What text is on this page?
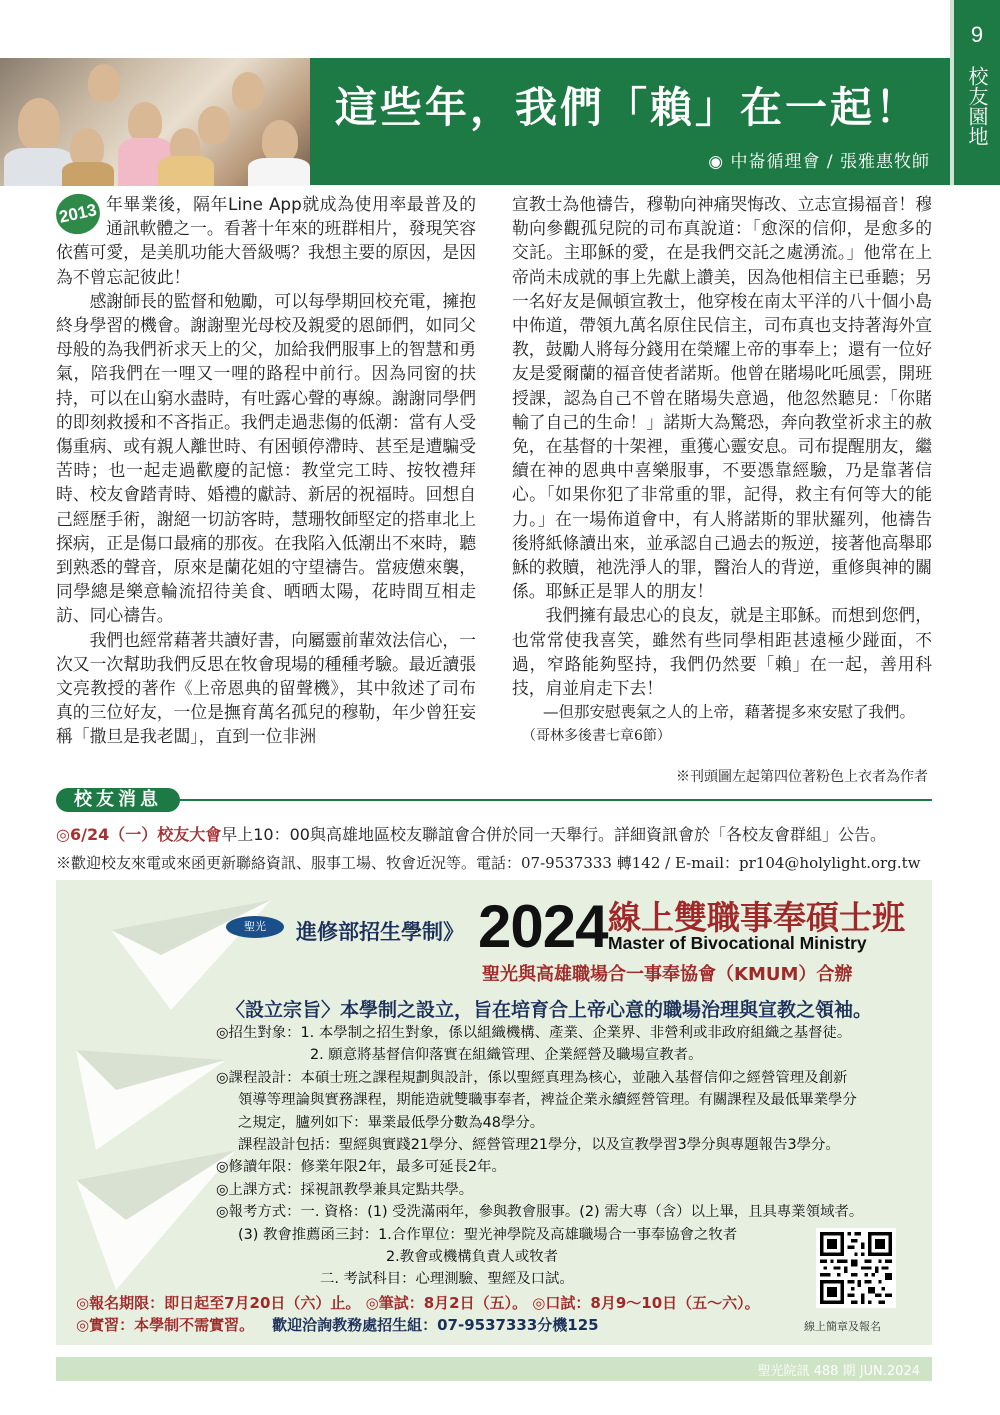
9
校友園地
這些年，我們「賴」在一起！
◉ 中崙循理會 / 張雅惠牧師

2013 年畢業後，隔年Line App就成為使用率最普及的通訊軟體之一。看著十年來的班群相片，發現笑容依舊可愛，是美肌功能大晉級嗎？我想主要的原因，是因為不曾忘記彼此！

感謝師長的監督和勉勵，可以每學期回校充電，擁抱終身學習的機會。謝謝聖光母校及親愛的恩師們，如同父母般的為我們祈求天上的父，加給我們服事上的智慧和勇氣，陪我們在一哩又一哩的路程中前行。因為同窗的扶持，可以在山窮水盡時，有吐露心聲的專線。謝謝同學們的即刻救援和不吝指正。我們走過悲傷的低潮：當有人受傷重病、或有親人離世時、有困頓停滯時、甚至是遭騙受苦時；也一起走過歡慶的記憶：教堂完工時、按牧禮拜時、校友會踏青時、婚禮的獻詩、新居的祝福時。回想自己經歷手術，謝絕一切訪客時，慧珊牧師堅定的搭車北上探病，正是傷口最痛的那夜。在我陷入低潮出不來時，聽到熟悉的聲音，原來是蘭花姐的守望禱告。當疲憊來襲，同學總是樂意輪流招待美食、晒晒太陽，花時間互相走訪、同心禱告。

我們也經常藉著共讀好書，向屬靈前輩效法信心，一次又一次幫助我們反思在牧會現場的種種考驗。最近讀張文亮教授的著作《上帝恩典的留聲機》，其中敘述了司布真的三位好友，一位是撫育萬名孤兒的穆勒，年少曾狂妄稱「撒旦是我老闆」，直到一位非洲

宣教士為他禱告，穆勒向神痛哭悔改、立志宣揚福音！穆勒向參觀孤兒院的司布真說道：「愈深的信仰，是愈多的交託。主耶穌的愛，在是我們交託之處湧流。」他常在上帝尚未成就的事上先獻上讚美，因為他相信主已垂聽；另一名好友是佩頓宣教士，他穿梭在南太平洋的八十個小島中佈道，帶領九萬名原住民信主，司布真也支持著海外宣教，鼓勵人將每分錢用在榮耀上帝的事奉上；還有一位好友是愛爾蘭的福音使者諾斯。他曾在賭場叱吒風雲，開班授課，認為自己不曾在賭場失意過，他忽然聽見：「你賭輸了自己的生命！」諾斯大為驚恐，奔向教堂祈求主的赦免，在基督的十架裡，重獲心靈安息。司布提醒朋友，繼續在神的恩典中喜樂服事，不要憑靠經驗，乃是靠著信心。「如果你犯了非常重的罪，記得，救主有何等大的能力。」在一場佈道會中，有人將諾斯的罪狀羅列，他禱告後將紙條讀出來，並承認自己過去的叛逆，接著他高舉耶穌的救贖，祂洗淨人的罪，醫治人的背逆，重修與神的關係。耶穌正是罪人的朋友！

我們擁有最忠心的良友，就是主耶穌。而想到您們，也常常使我喜笑，雖然有些同學相距甚遠極少踫面，不過，窄路能夠堅持，我們仍然要「賴」在一起，善用科技，肩並肩走下去！

—但那安慰喪氣之人的上帝，藉著提多來安慰了我們。

（哥林多後書七章6節）
※刊頭圖左起第四位著粉色上衣者為作者
校友消息
◎6/24（一）校友大會早上10：00與高雄地區校友聯誼會合併於同一天舉行。詳細資訊會於「各校友會群組」公告。
※歡迎校友來電或來函更新聯絡資訊、服事工場、牧會近況等。電話：07-9537333 轉142 / E-mail：pr104@holylight.org.tw
聖光	進修部招生學制》 2024 線上雙職事奉碩士班
Master of Bivocational Ministry
聖光與高雄職場合一事奉協會（KMUM）合辦
〈設立宗旨〉本學制之設立，旨在培育合上帝心意的職場治理與宣教之領袖。
◎招生對象：1. 本學制之招生對象，係以組織機構、產業、企業界、非營利或非政府組織之基督徒。
2. 願意將基督信仰落實在組織管理、企業經營及職場宣教者。
◎課程設計：本碩士班之課程規劃與設計，係以聖經真理為核心，並融入基督信仰之經營管理及創新
領導等理論與實務課程，期能造就雙職事奉者，裨益企業永續經營管理。有關課程及最低畢業學分
之規定，臚列如下：畢業最低學分數為48學分。
課程設計包括：聖經與實踐21學分、經營管理21學分，以及宣教學習3學分與專題報告3學分。
◎修讀年限：修業年限2年，最多可延長2年。
◎上課方式：採視訊教學兼具定點共學。
◎報考方式：一. 資格：(1) 受洗滿兩年，參與教會服事。(2) 需大專（含）以上畢，且具專業領域者。
(3) 教會推薦函三封：1.合作單位：聖光神學院及高雄職場合一事奉協會之牧者
2.教會或機構負責人或牧者
二. 考試科目：心理測驗、聖經及口試。
◎報名期限：即日起至7月20日（六）止。 ◎筆試：8月2日（五）。 ◎口試：8月9～10日（五～六）。
◎實習：本學制不需實習。 歡迎洽詢教務處招生組：07-9537333分機125	線上簡章及報名
聖光院訊 488 期 JUN.2024
